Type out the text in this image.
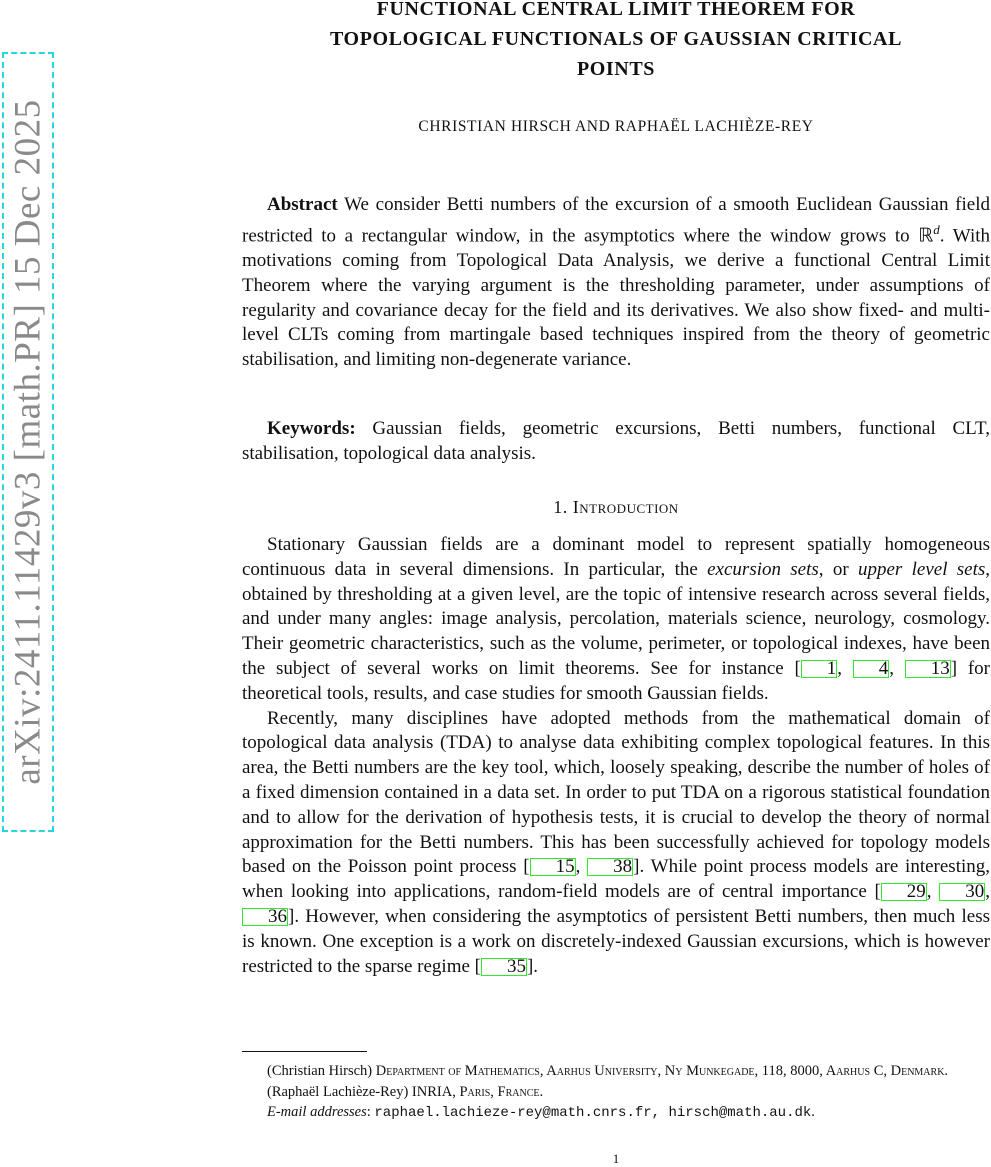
arXiv:2411.11429v3 [math.PR] 15 Dec 2025
FUNCTIONAL CENTRAL LIMIT THEOREM FOR
TOPOLOGICAL FUNCTIONALS OF GAUSSIAN CRITICAL
POINTS
CHRISTIAN HIRSCH AND RAPHAËL LACHIÈZE-REY
Abstract We consider Betti numbers of the excursion of a smooth Euclidean Gaussian field restricted to a rectangular window, in the asymptotics where the window grows to ℝ$^d$. With motivations coming from Topological Data Analysis, we derive a functional Central Limit Theorem where the varying argument is the thresholding parameter, under assumptions of regularity and covariance decay for the field and its derivatives. We also show fixed- and multi-level CLTs coming from martingale based techniques inspired from the theory of geometric stabilisation, and limiting non-degenerate variance.
Keywords: Gaussian fields, geometric excursions, Betti numbers, functional CLT, stabilisation, topological data analysis.
1. Introduction

Stationary Gaussian fields are a dominant model to represent spatially homogeneous continuous data in several dimensions. In particular, the excursion sets, or upper level sets, obtained by thresholding at a given level, are the topic of intensive research across several fields, and under many angles: image analysis, percolation, materials science, neurology, cosmology. Their geometric characteristics, such as the volume, perimeter, or topological indexes, have been the subject of several works on limit theorems. See for instance [ 1, 4, 13] for theoretical tools, results, and case studies for smooth Gaussian fields.

Recently, many disciplines have adopted methods from the mathematical domain of topological data analysis (TDA) to analyse data exhibiting complex topological features. In this area, the Betti numbers are the key tool, which, loosely speaking, describe the number of holes of a fixed dimension contained in a data set. In order to put TDA on a rigorous statistical foundation and to allow for the derivation of hypothesis tests, it is crucial to develop the theory of normal approximation for the Betti numbers. This has been successfully achieved for topology models based on the Poisson point process [ 15, 38]. While point process models are interesting, when looking into applications, random-field models are of central importance [ 29, 30, 36]. However, when considering the asymptotics of persistent Betti numbers, then much less is known. One exception is a work on discretely-indexed Gaussian excursions, which is however restricted to the sparse regime [ 35].

(Christian Hirsch) Department of Mathematics, Aarhus University, Ny Munkegade, 118, 8000, Aarhus C, Denmark.

(Raphaël Lachièze-Rey) INRIA, Paris, France.

E-mail addresses: raphael.lachieze-rey@math.cnrs.fr, hirsch@math.au.dk.

1
